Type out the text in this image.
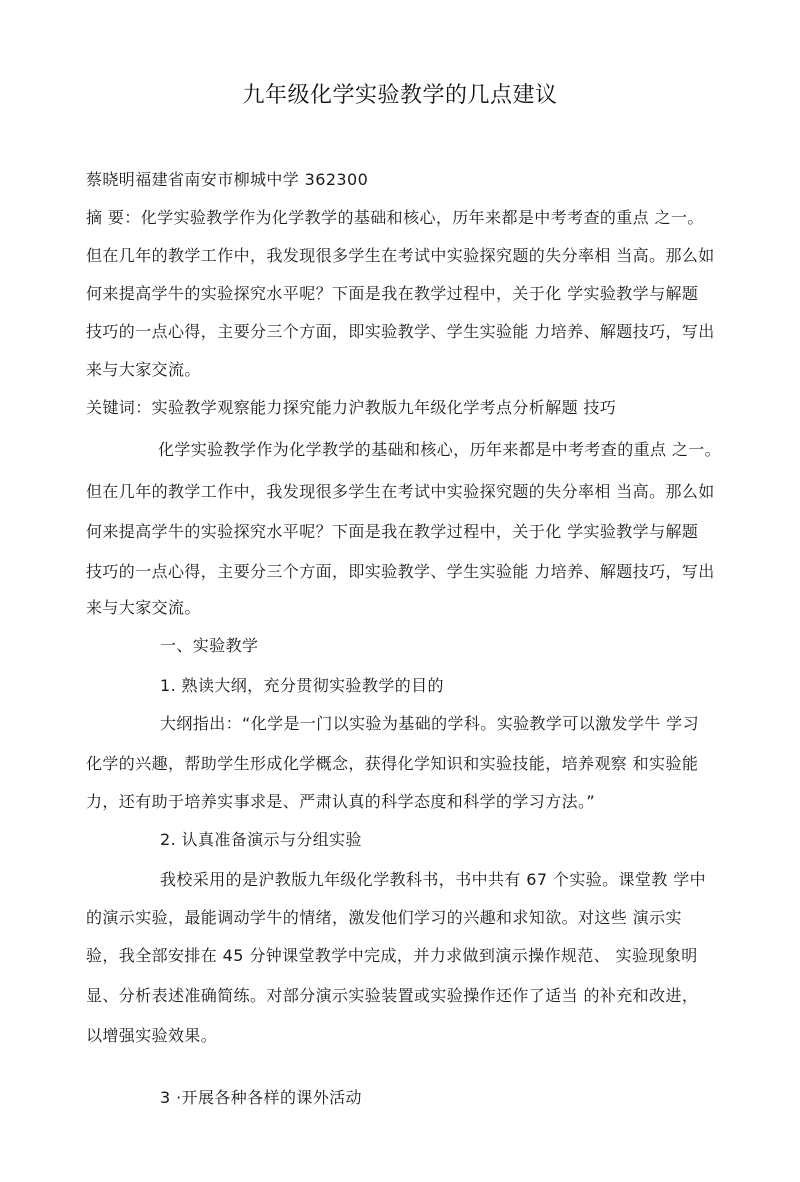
九年级化学实验教学的几点建议
蔡晓明福建省南安市柳城中学 362300
摘 要：化学实验教学作为化学教学的基础和核心，历年来都是中考考查的重点 之一。
但在几年的教学工作中，我发现很多学生在考试中实验探究题的失分率相 当高。那么如
何来提高学牛的实验探究水平呢？下面是我在教学过程中，关于化 学实验教学与解题
技巧的一点心得，主要分三个方面，即实验教学、学生实验能 力培养、解题技巧，写出
来与大家交流。
关键词：实验教学观察能力探究能力沪教版九年级化学考点分析解题 技巧
化学实验教学作为化学教学的基础和核心，历年来都是中考考查的重点 之一。
但在几年的教学工作中，我发现很多学生在考试中实验探究题的失分率相 当高。那么如
何来提高学牛的实验探究水平呢？下面是我在教学过程中，关于化 学实验教学与解题
技巧的一点心得，主要分三个方面，即实验教学、学生实验能 力培养、解题技巧，写出
来与大家交流。
一、实验教学
1. 熟读大纲，充分贯彻实验教学的目的
大纲指出：“化学是一门以实验为基础的学科。实验教学可以激发学牛 学习
化学的兴趣，帮助学生形成化学概念，获得化学知识和实验技能，培养观察 和实验能
力，还有助于培养实事求是、严肃认真的科学态度和科学的学习方法。”
2. 认真准备演示与分组实验
我校采用的是沪教版九年级化学教科书，书中共有 67 个实验。课堂教 学中
的演示实验，最能调动学牛的情绪，激发他们学习的兴趣和求知欲。对这些 演示实
验，我全部安排在 45 分钟课堂教学中完成，并力求做到演示操作规范、 实验现象明
显、分析表述准确简练。对部分演示实验装置或实验操作还作了适当 的补充和改进，
以增强实验效果。
3 ·开展各种各样的课外活动
